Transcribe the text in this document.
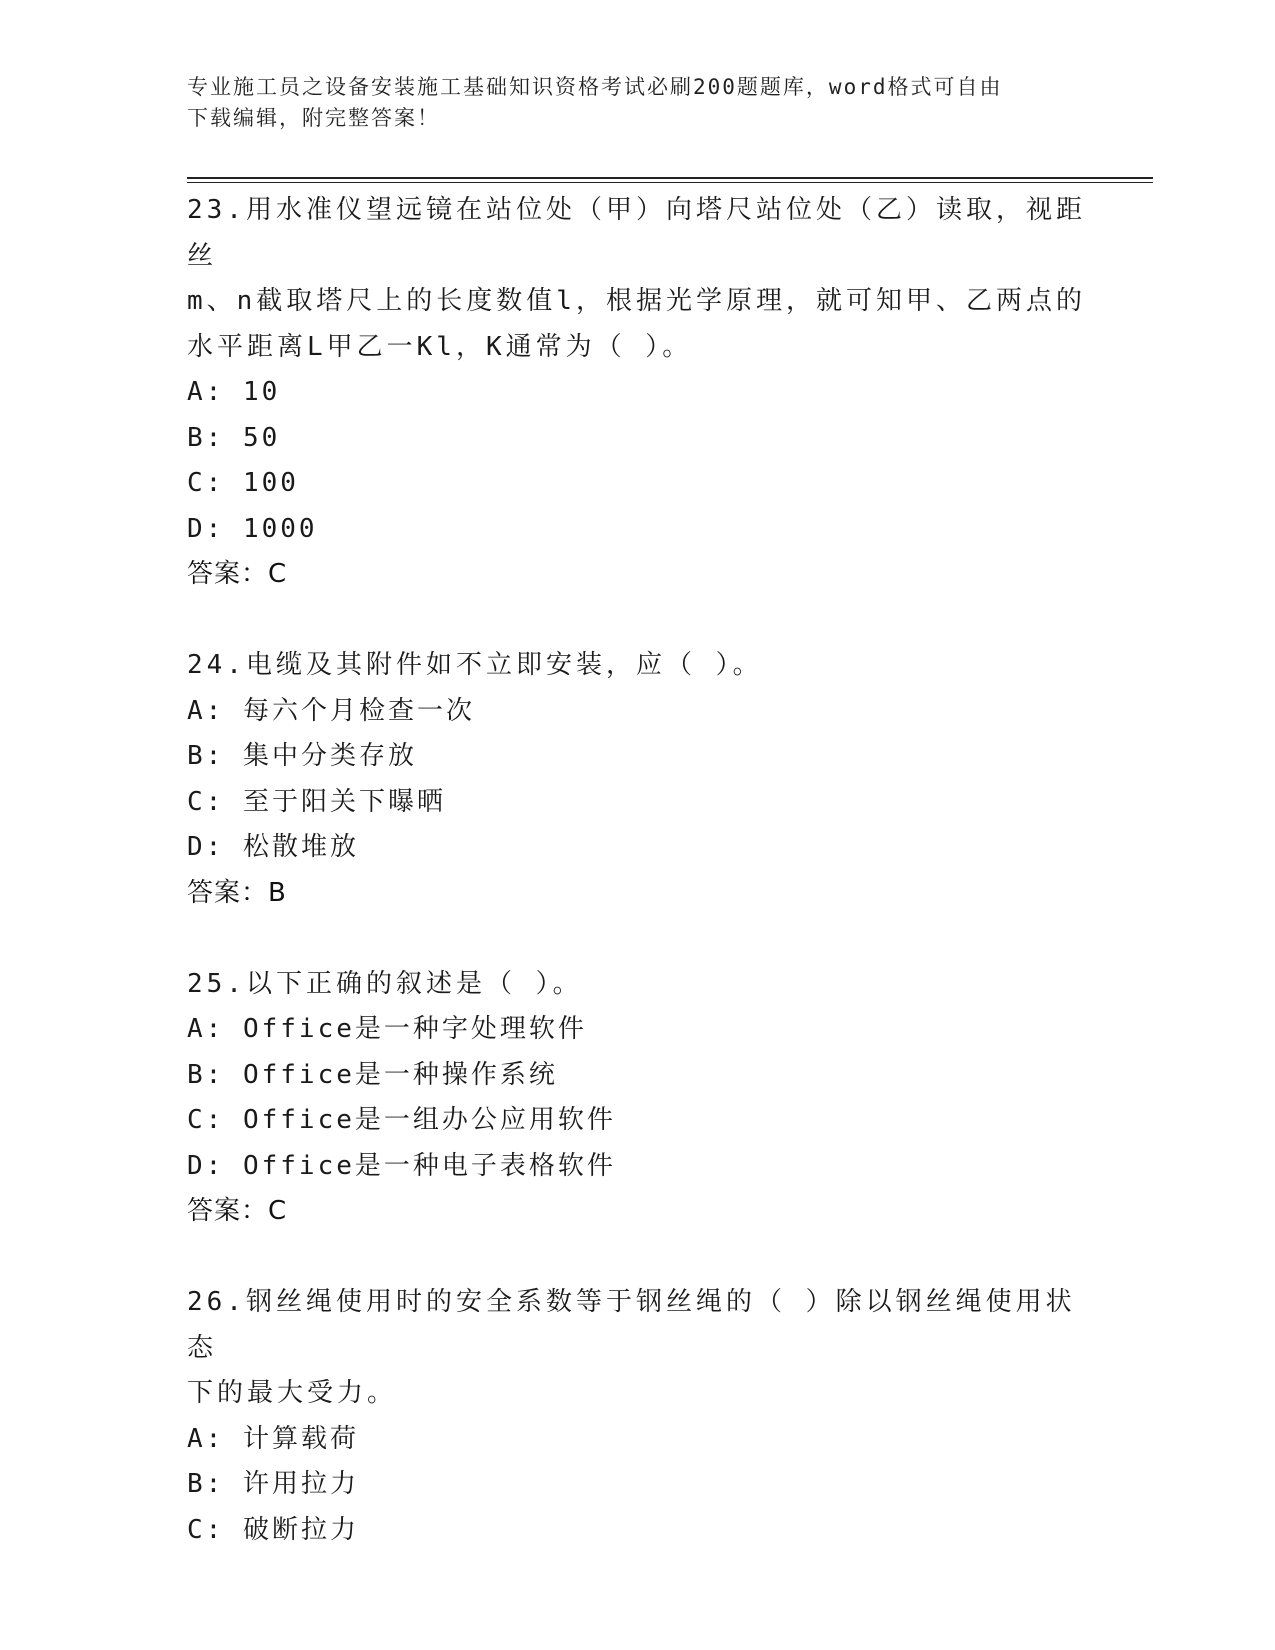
专业施工员之设备安装施工基础知识资格考试必刷200题题库，word格式可自由
下载编辑，附完整答案！
23.用水准仪望远镜在站位处（甲）向塔尺站位处（乙）读取，视距丝
m、n截取塔尺上的长度数值l，根据光学原理，就可知甲、乙两点的
水平距离L甲乙一Kl，K通常为（ ）。
A: 10
B: 50
C: 100
D: 1000
答案：C
24.电缆及其附件如不立即安装，应（ ）。
A: 每六个月检查一次
B: 集中分类存放
C: 至于阳关下曝晒
D: 松散堆放
答案：B
25.以下正确的叙述是（ ）。
A: Office是一种字处理软件
B: Office是一种操作系统
C: Office是一组办公应用软件
D: Office是一种电子表格软件
答案：C
26.钢丝绳使用时的安全系数等于钢丝绳的（ ）除以钢丝绳使用状态
下的最大受力。
A: 计算载荷
B: 许用拉力
C: 破断拉力
